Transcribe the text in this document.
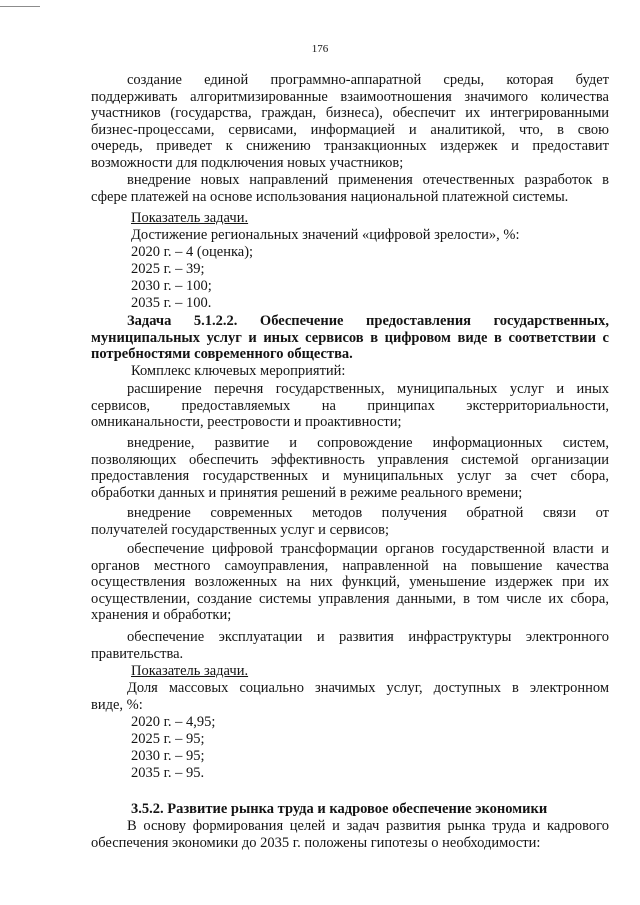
176
создание единой программно-аппаратной среды, которая будет
поддерживать алгоритмизированные взаимоотношения значимого количества
участников (государства, граждан, бизнеса), обеспечит их интегрированными
бизнес-процессами, сервисами, информацией и аналитикой, что, в свою
очередь, приведет к снижению транзакционных издержек и предоставит
возможности для подключения новых участников;
внедрение новых направлений применения отечественных разработок в
сфере платежей на основе использования национальной платежной системы.
Показатель задачи.
Достижение региональных значений «цифровой зрелости», %:
2020 г. – 4 (оценка);
2025 г. – 39;
2030 г. – 100;
2035 г. – 100.
Задача 5.1.2.2. Обеспечение предоставления государственных,
муниципальных услуг и иных сервисов в цифровом виде в соответствии с
потребностями современного общества.
Комплекс ключевых мероприятий:
расширение перечня государственных, муниципальных услуг и иных
сервисов, предоставляемых на принципах экстерриториальности,
омниканальности, реестровости и проактивности;
внедрение, развитие и сопровождение информационных систем,
позволяющих обеспечить эффективность управления системой организации
предоставления государственных и муниципальных услуг за счет сбора,
обработки данных и принятия решений в режиме реального времени;
внедрение современных методов получения обратной связи от
получателей государственных услуг и сервисов;
обеспечение цифровой трансформации органов государственной власти и
органов местного самоуправления, направленной на повышение качества
осуществления возложенных на них функций, уменьшение издержек при их
осуществлении, создание системы управления данными, в том числе их сбора,
хранения и обработки;
обеспечение эксплуатации и развития инфраструктуры электронного
правительства.
Показатель задачи.
Доля массовых социально значимых услуг, доступных в электронном
виде, %:
2020 г. – 4,95;
2025 г. – 95;
2030 г. – 95;
2035 г. – 95.
3.5.2. Развитие рынка труда и кадровое обеспечение экономики
В основу формирования целей и задач развития рынка труда и кадрового
обеспечения экономики до 2035 г. положены гипотезы о необходимости:
